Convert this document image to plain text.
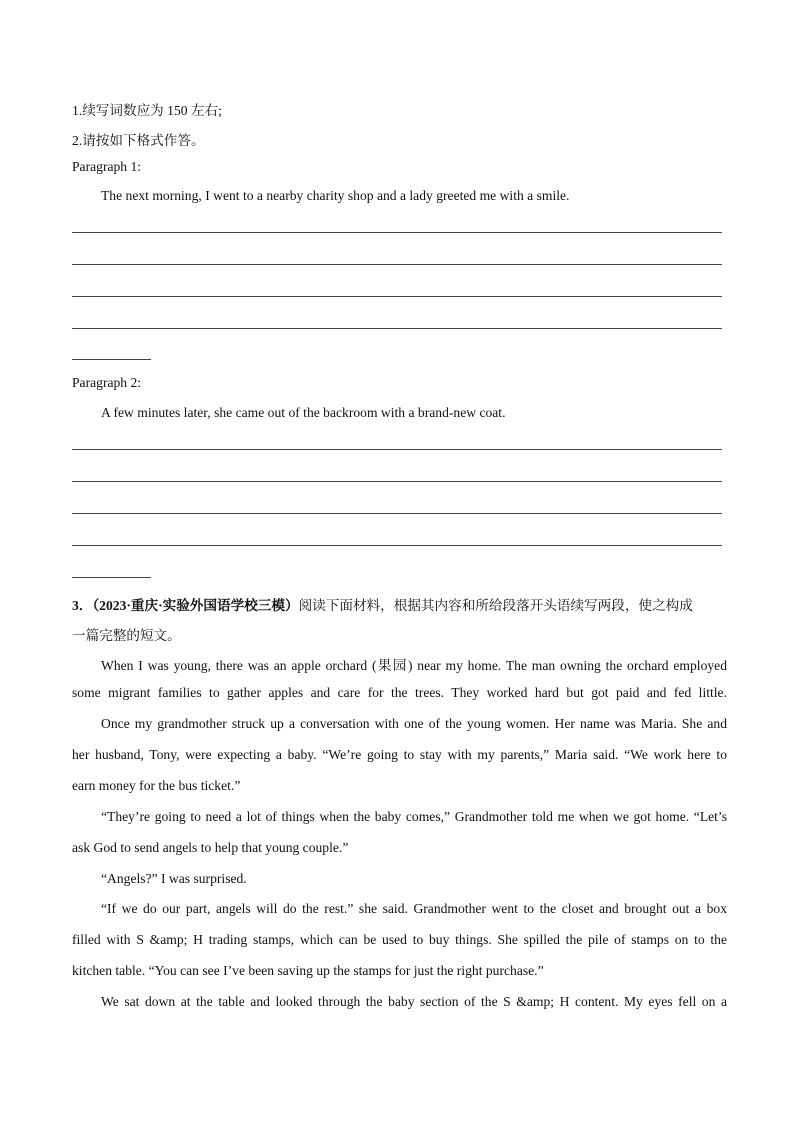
1.续写词数应为 150 左右;
2.请按如下格式作答。
Paragraph 1:
The next morning, I went to a nearby charity shop and a lady greeted me with a smile.
Paragraph 2:
A few minutes later, she came out of the backroom with a brand-new coat.
3．（2023·重庆·实验外国语学校三模）阅读下面材料，根据其内容和所给段落开头语续写两段，使之构成
一篇完整的短文。
When I was young, there was an apple orchard (果园) near my home. The man owning the orchard employed
some migrant families to gather apples and care for the trees. They worked hard but got paid and fed little.
Once my grandmother struck up a conversation with one of the young women. Her name was Maria. She and
her husband, Tony, were expecting a baby. “We’re going to stay with my parents,” Maria said. “We work here to
earn money for the bus ticket.”
“They’re going to need a lot of things when the baby comes,” Grandmother told me when we got home. “Let’s
ask God to send angels to help that young couple.”
“Angels?” I was surprised.
“If we do our part, angels will do the rest.” she said. Grandmother went to the closet and brought out a box
filled with S &amp; H trading stamps, which can be used to buy things. She spilled the pile of stamps on to the
kitchen table. “You can see I’ve been saving up the stamps for just the right purchase.”
We sat down at the table and looked through the baby section of the S &amp; H content. My eyes fell on a
